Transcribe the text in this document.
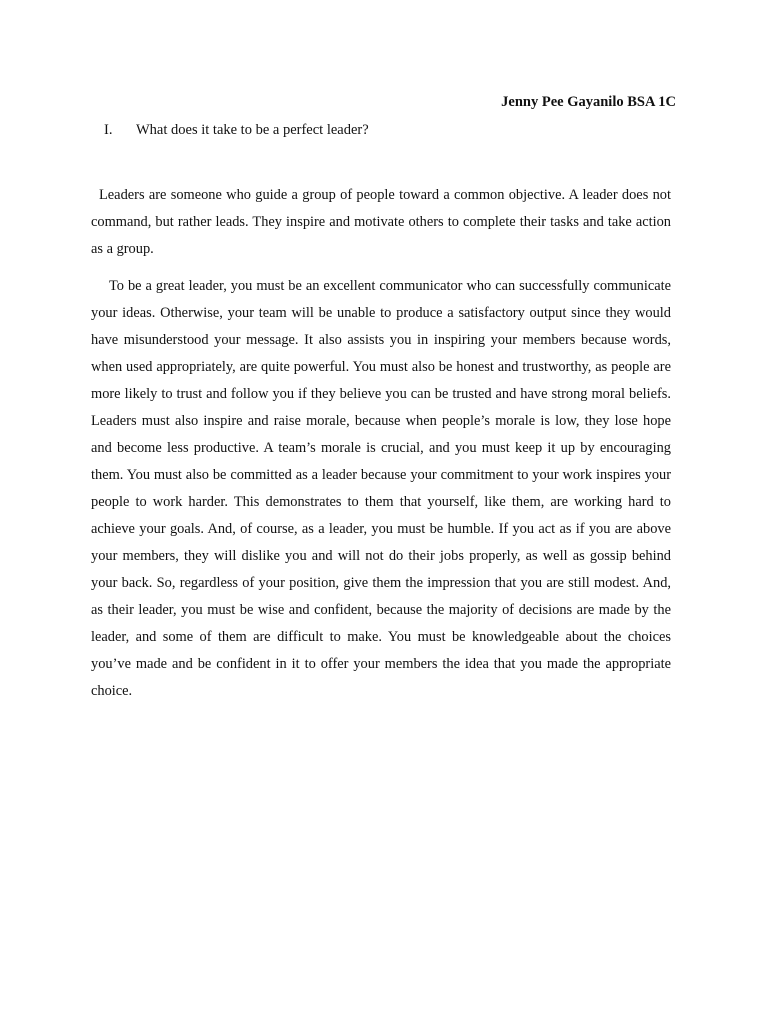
Jenny Pee Gayanilo BSA 1C
I. What does it take to be a perfect leader?

Leaders are someone who guide a group of people toward a common objective. A leader does not command, but rather leads. They inspire and motivate others to complete their tasks and take action as a group.

To be a great leader, you must be an excellent communicator who can successfully communicate your ideas. Otherwise, your team will be unable to produce a satisfactory output since they would have misunderstood your message. It also assists you in inspiring your members because words, when used appropriately, are quite powerful. You must also be honest and trustworthy, as people are more likely to trust and follow you if they believe you can be trusted and have strong moral beliefs. Leaders must also inspire and raise morale, because when people’s morale is low, they lose hope and become less productive. A team’s morale is crucial, and you must keep it up by encouraging them. You must also be committed as a leader because your commitment to your work inspires your people to work harder. This demonstrates to them that yourself, like them, are working hard to achieve your goals. And, of course, as a leader, you must be humble. If you act as if you are above your members, they will dislike you and will not do their jobs properly, as well as gossip behind your back. So, regardless of your position, give them the impression that you are still modest. And, as their leader, you must be wise and confident, because the majority of decisions are made by the leader, and some of them are difficult to make. You must be knowledgeable about the choices you’ve made and be confident in it to offer your members the idea that you made the appropriate choice.
